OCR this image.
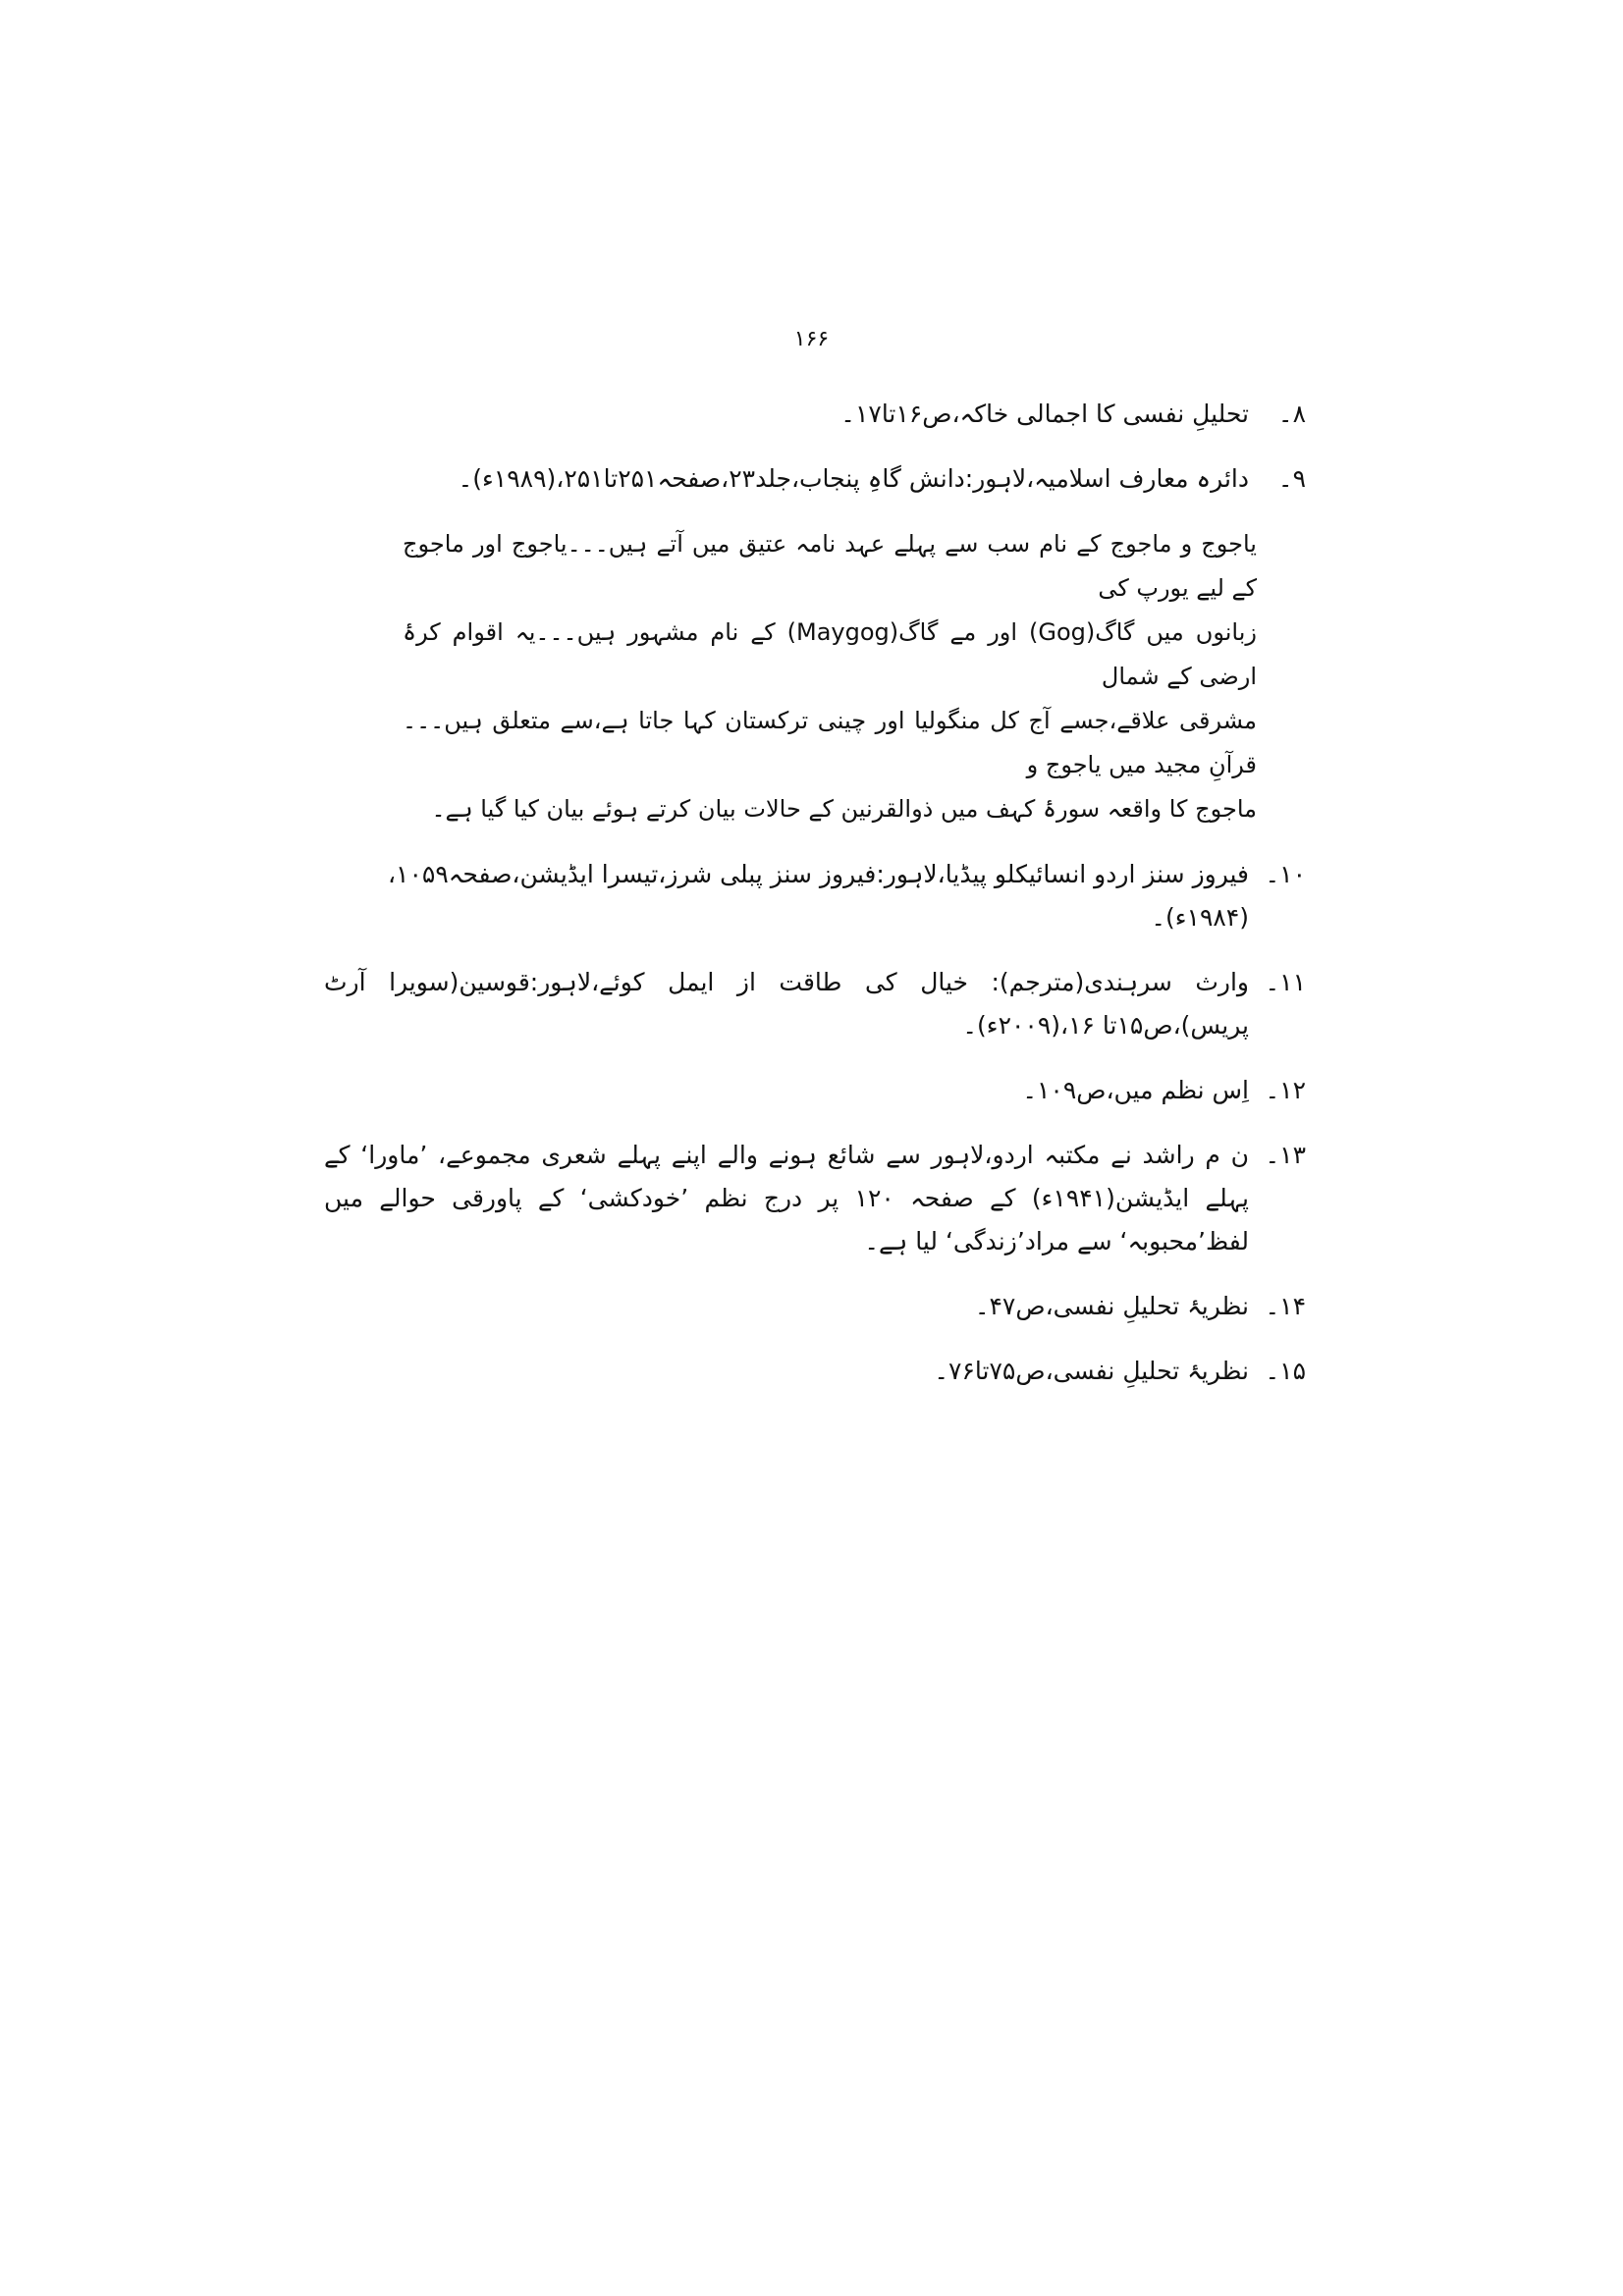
۱۶۶
۸۔
تحلیلِ نفسی کا اجمالی خاکہ،ص۱۶تا۱۷۔
۹۔
دائرہ معارف اسلامیہ،لاہور:دانش گاہِ پنجاب،جلد۲۳،صفحہ۲۵۱تا۲۵۱،(۱۹۸۹ء)۔
یاجوج و ماجوج کے نام سب سے پہلے عہد نامہ عتیق میں آتے ہیں۔۔۔یاجوج اور ماجوج کے لیے یورپ کی
زبانوں میں گاگ(Gog) اور مے گاگ(Maygog) کے نام مشہور ہیں۔۔۔یہ اقوام کرۂ ارضی کے شمال
مشرقی علاقے،جسے آج کل منگولیا اور چینی ترکستان کہا جاتا ہے،سے متعلق ہیں۔۔۔قرآنِ مجید میں یاجوج و
ماجوج کا واقعہ سورۂ کہف میں ذوالقرنین کے حالات بیان کرتے ہوئے بیان کیا گیا ہے۔
۱۰۔
فیروز سنز اردو انسائیکلو پیڈیا،لاہور:فیروز سنز پبلی شرز،تیسرا ایڈیشن،صفحہ۱۰۵۹،(۱۹۸۴ء)۔
۱۱۔
وارث سرہندی(مترجم): خیال کی طاقت از ایمل کوئے،لاہور:قوسین(سویرا آرٹ پریس)،ص۱۵تا ۱۶،(۲۰۰۹ء)۔
۱۲۔
اِس نظم میں،ص۱۰۹۔
۱۳۔
ن م راشد نے مکتبہ اردو،لاہور سے شائع ہونے والے اپنے پہلے شعری مجموعے، ’ماورا‘ کے پہلے ایڈیشن(۱۹۴۱ء) کے صفحہ ۱۲۰ پر درج نظم ’خودکشی‘ کے پاورقی حوالے میں لفظ’محبوبہ‘ سے مراد’زندگی‘ لیا ہے۔
۱۴۔
نظریۂ تحلیلِ نفسی،ص۴۷۔
۱۵۔
نظریۂ تحلیلِ نفسی،ص۷۵تا۷۶۔
